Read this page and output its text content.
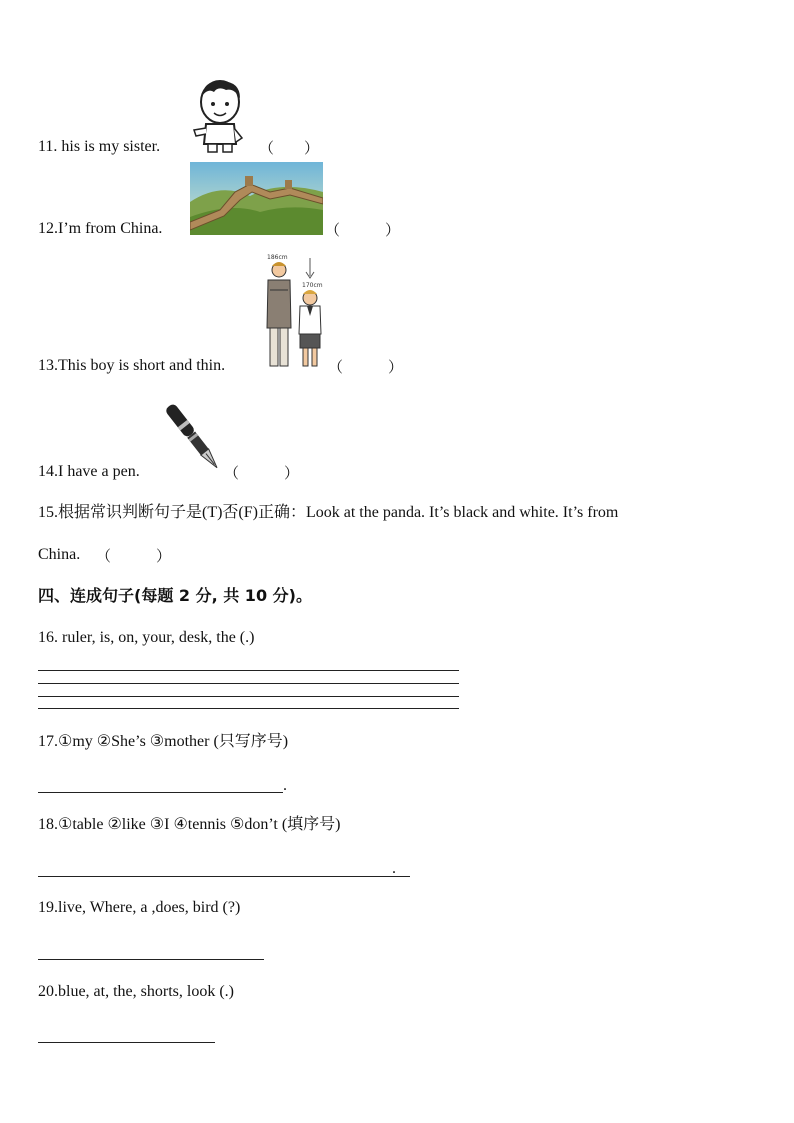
11. his is my sister.	（　　）
12.I’m from China.	（　　　）
186cm
170cm
13.This boy is short and thin.	（　　　）
14.I have a pen.	（　　　）
15.根据常识判断句子是(T)否(F)正确：Look at the panda. It’s black and white. It’s from
China. （　　　）
四、连成句子(每题 2 分, 共 10 分)。
16. ruler, is, on, your, desk, the (.)
17.①my ②She’s ③mother (只写序号)
.
18.①table ②like ③I ④tennis ⑤don’t (填序号)
.
19.live, Where, a ,does, bird (?)
20.blue, at, the, shorts, look (.)
